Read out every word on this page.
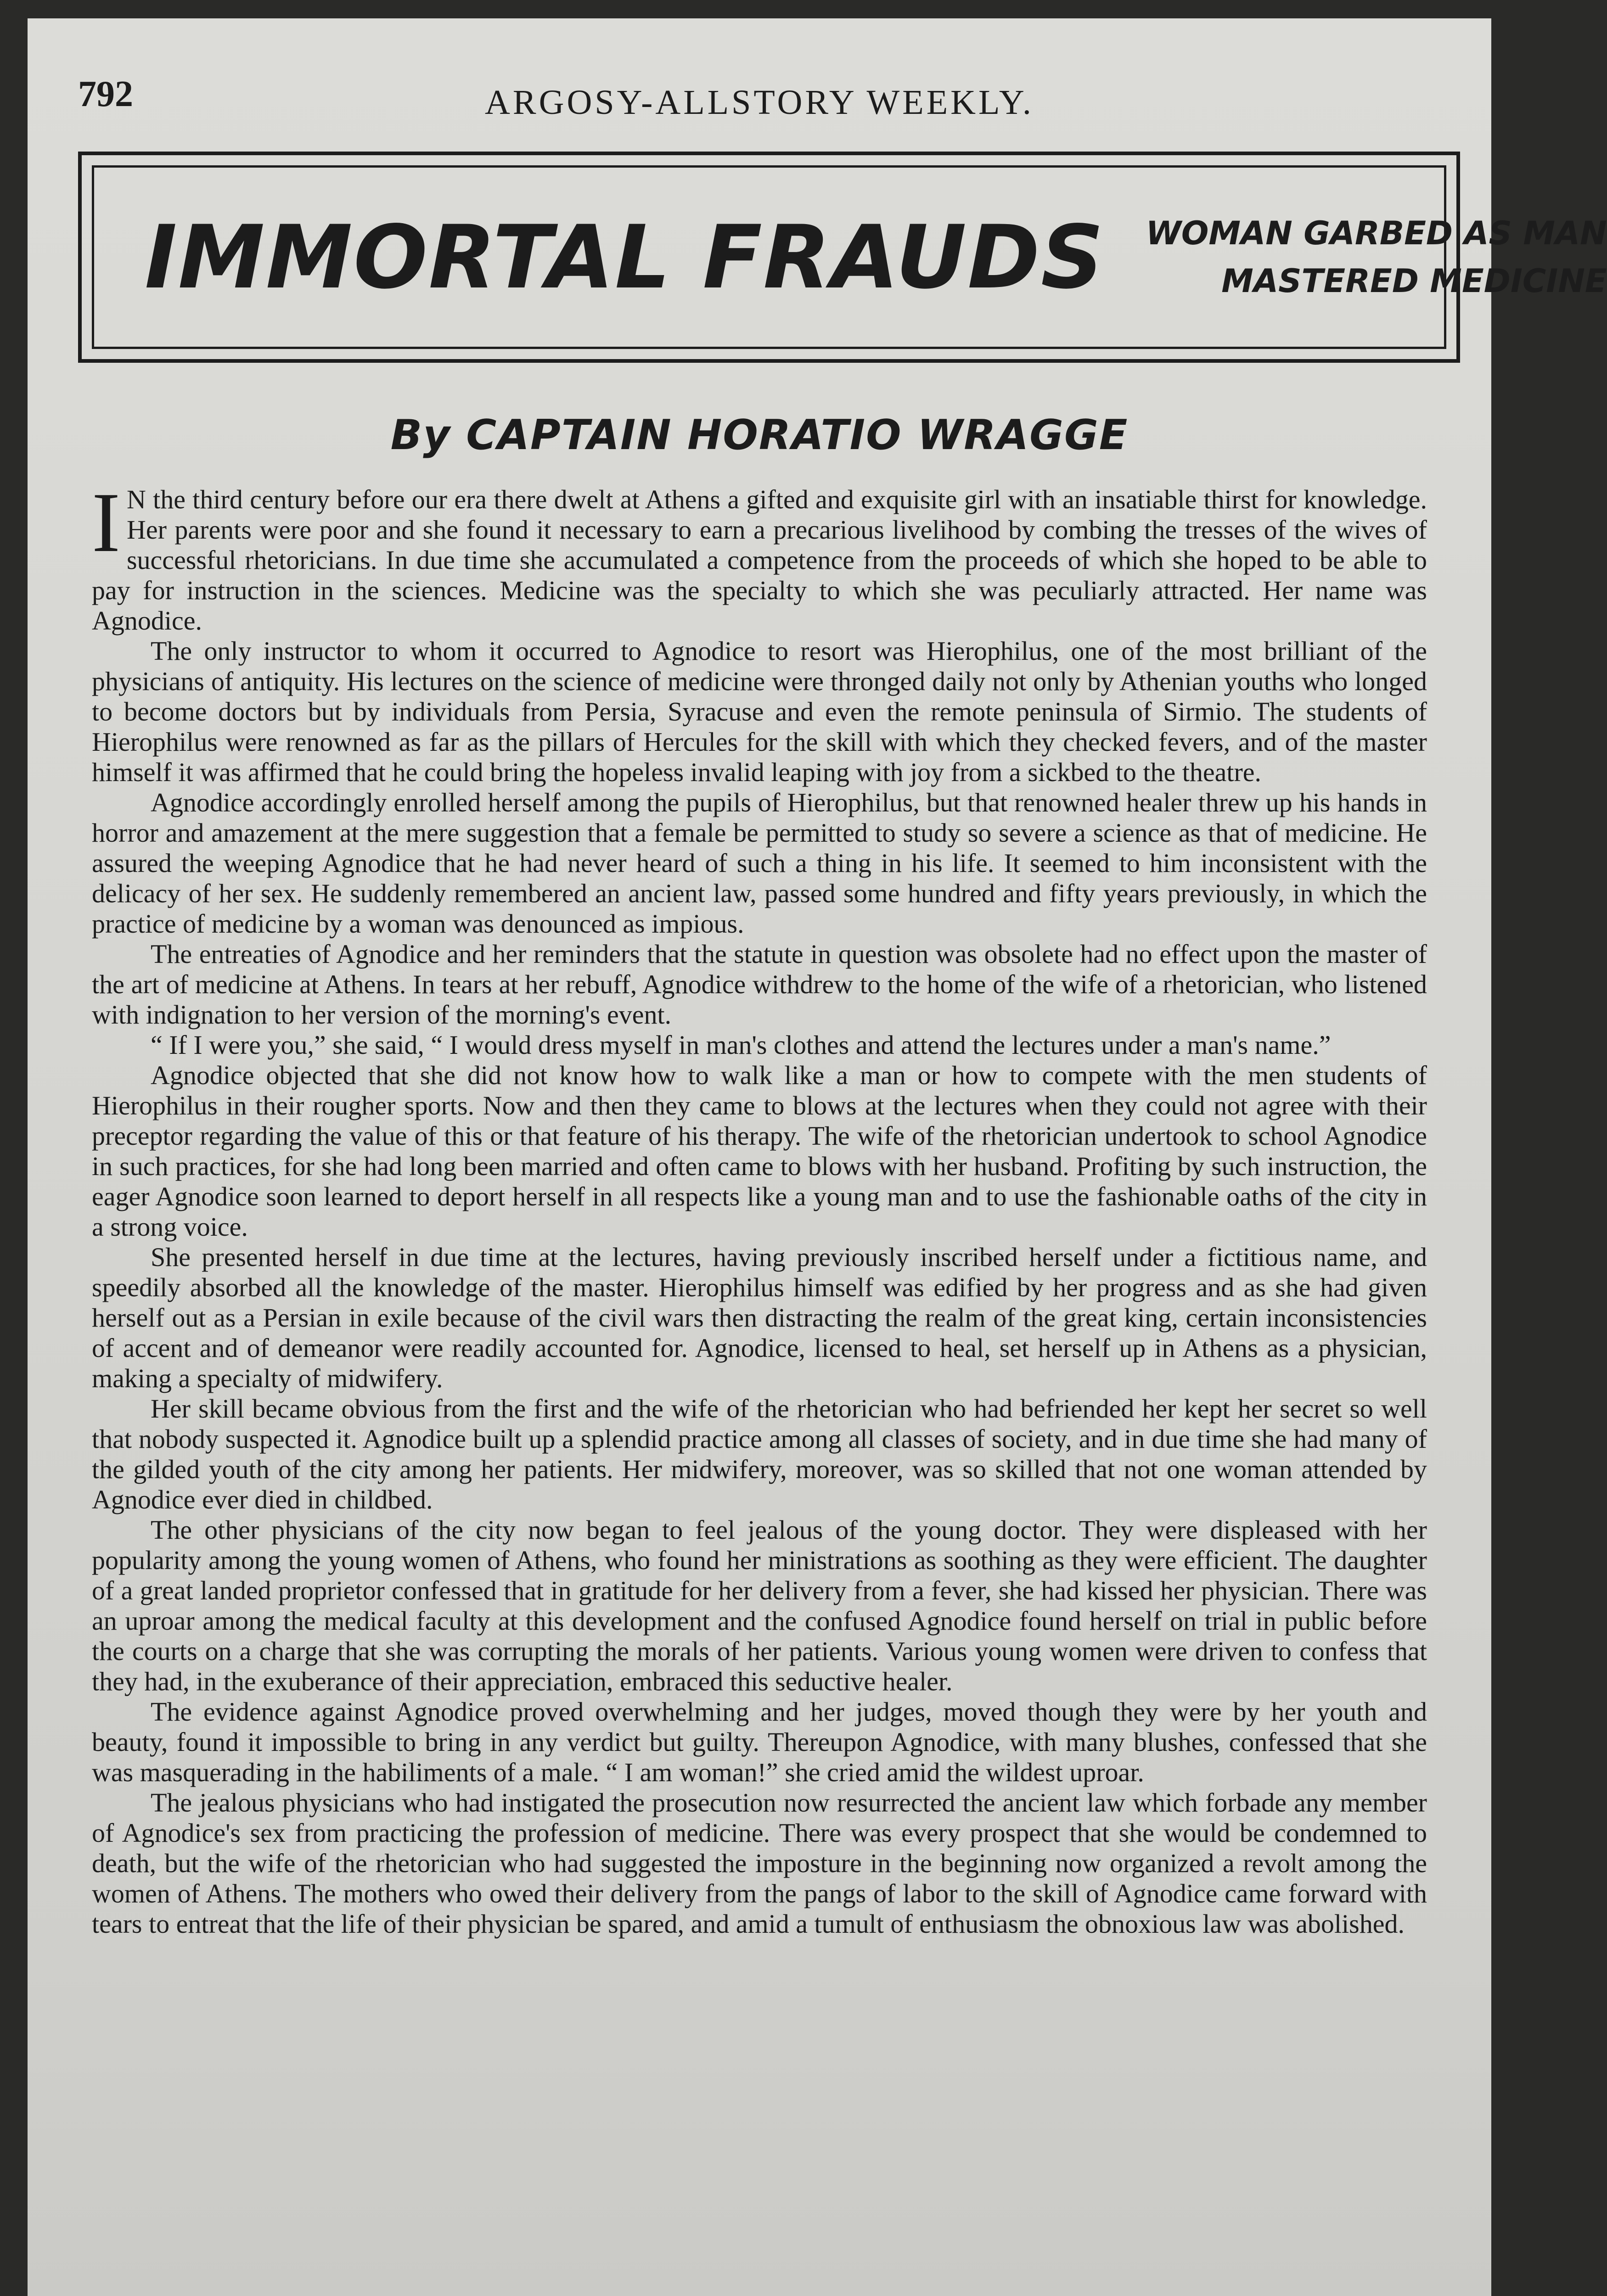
792	ARGOSY-ALLSTORY WEEKLY.
IMMORTAL FRAUDS WOMAN GARBED AS MAN
MASTERED MEDICINE
By CAPTAIN HORATIO WRAGGE

IN the third century before our era there dwelt at Athens a gifted and exquisite girl with an insatiable thirst for knowledge. Her parents were poor and she found it necessary to earn a precarious livelihood by combing the tresses of the wives of successful rhetoricians. In due time she accumulated a competence from the proceeds of which she hoped to be able to pay for instruction in the sciences. Medicine was the specialty to which she was peculiarly attracted. Her name was Agnodice.

The only instructor to whom it occurred to Agnodice to resort was Hierophilus, one of the most brilliant of the physicians of antiquity. His lectures on the science of medicine were thronged daily not only by Athenian youths who longed to become doctors but by individuals from Persia, Syracuse and even the remote peninsula of Sirmio. The students of Hierophilus were renowned as far as the pillars of Hercules for the skill with which they checked fevers, and of the master himself it was affirmed that he could bring the hopeless invalid leaping with joy from a sickbed to the theatre.

Agnodice accordingly enrolled herself among the pupils of Hierophilus, but that renowned healer threw up his hands in horror and amazement at the mere suggestion that a female be permitted to study so severe a science as that of medicine. He assured the weeping Agnodice that he had never heard of such a thing in his life. It seemed to him inconsistent with the delicacy of her sex. He suddenly remembered an ancient law, passed some hundred and fifty years previously, in which the practice of medicine by a woman was denounced as impious.

The entreaties of Agnodice and her reminders that the statute in question was obsolete had no effect upon the master of the art of medicine at Athens. In tears at her rebuff, Agnodice withdrew to the home of the wife of a rhetorician, who listened with indignation to her version of the morning's event.

“ If I were you,” she said, “ I would dress myself in man's clothes and attend the lectures under a man's name.”

Agnodice objected that she did not know how to walk like a man or how to compete with the men students of Hierophilus in their rougher sports. Now and then they came to blows at the lectures when they could not agree with their preceptor regarding the value of this or that feature of his therapy. The wife of the rhetorician undertook to school Agnodice in such practices, for she had long been married and often came to blows with her husband. Profiting by such instruction, the eager Agnodice soon learned to deport herself in all respects like a young man and to use the fashionable oaths of the city in a strong voice.

She presented herself in due time at the lectures, having previously inscribed herself under a fictitious name, and speedily absorbed all the knowledge of the master. Hierophilus himself was edified by her progress and as she had given herself out as a Persian in exile because of the civil wars then distracting the realm of the great king, certain inconsistencies of accent and of demeanor were readily accounted for. Agnodice, licensed to heal, set herself up in Athens as a physician, making a specialty of midwifery.

Her skill became obvious from the first and the wife of the rhetorician who had befriended her kept her secret so well that nobody suspected it. Agnodice built up a splendid practice among all classes of society, and in due time she had many of the gilded youth of the city among her patients. Her midwifery, moreover, was so skilled that not one woman attended by Agnodice ever died in childbed.

The other physicians of the city now began to feel jealous of the young doctor. They were displeased with her popularity among the young women of Athens, who found her ministrations as soothing as they were efficient. The daughter of a great landed proprietor confessed that in gratitude for her delivery from a fever, she had kissed her physician. There was an uproar among the medical faculty at this development and the confused Agnodice found herself on trial in public before the courts on a charge that she was corrupting the morals of her patients. Various young women were driven to confess that they had, in the exuberance of their appreciation, embraced this seductive healer.

The evidence against Agnodice proved overwhelming and her judges, moved though they were by her youth and beauty, found it impossible to bring in any verdict but guilty. Thereupon Agnodice, with many blushes, confessed that she was masquerading in the habiliments of a male. “ I am woman!” she cried amid the wildest uproar.

The jealous physicians who had instigated the prosecution now resurrected the ancient law which forbade any member of Agnodice's sex from practicing the profession of medicine. There was every prospect that she would be condemned to death, but the wife of the rhetorician who had suggested the imposture in the beginning now organized a revolt among the women of Athens. The mothers who owed their delivery from the pangs of labor to the skill of Agnodice came forward with tears to entreat that the life of their physician be spared, and amid a tumult of enthusiasm the obnoxious law was abolished.
